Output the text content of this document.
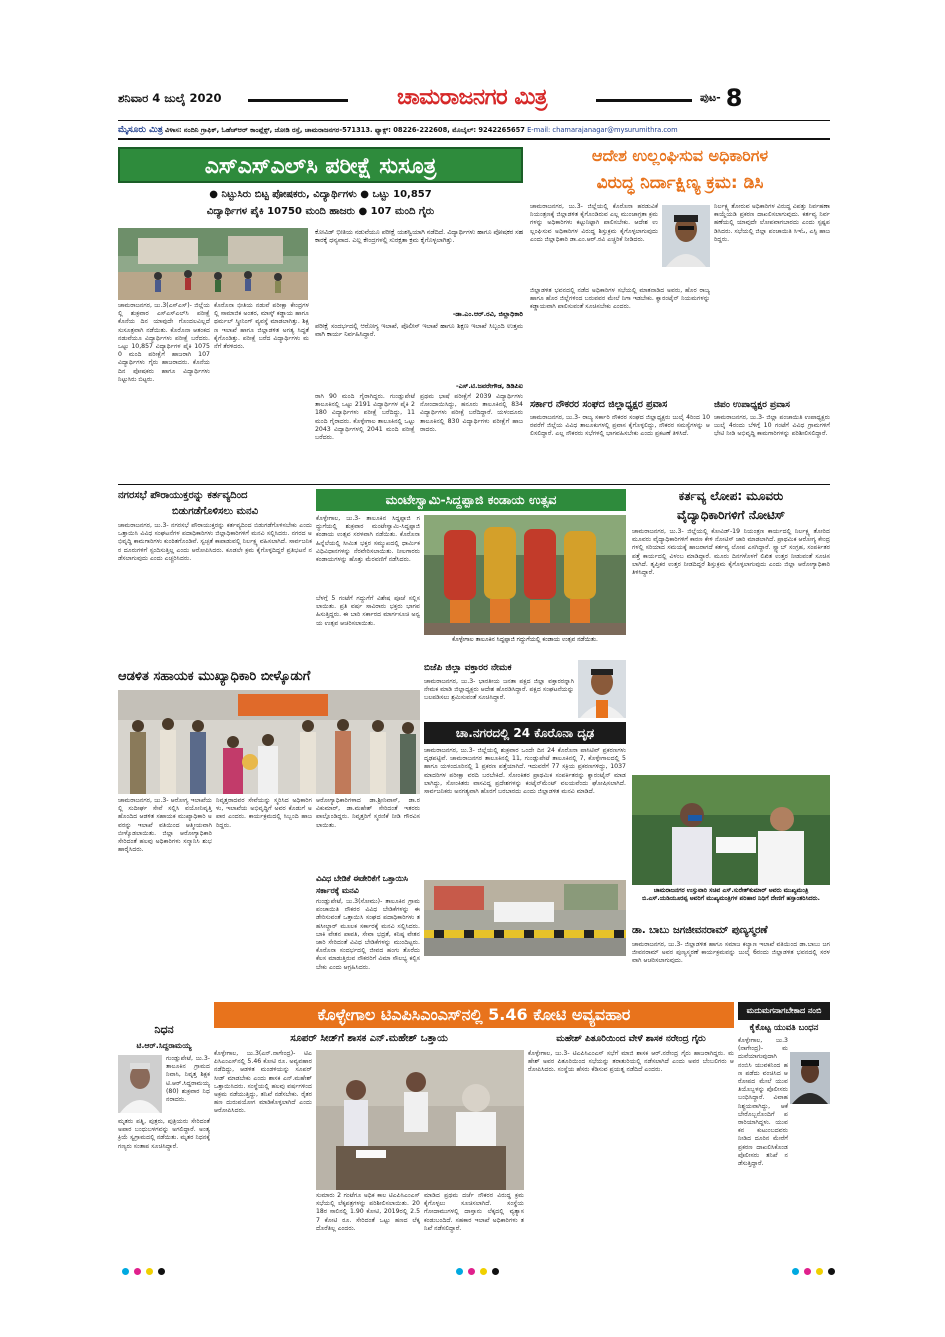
ಶನಿವಾರ 4 ಜುಲೈ 2020	ಚಾಮರಾಜನಗರ ಮಿತ್ರ	ಪುಟ- 8
ಮೈಸೂರು ಮಿತ್ರ ವಿಳಾಸ: ನಂದಿನಿ ಗ್ರಾಫಿಕ್, ಓಹೆಚ್‌ಆರ್ ಕಾಂಪ್ಲೆಕ್ಸ್, ಜೋಡಿ ರಸ್ತೆ, ಚಾಮರಾಜನಗರ-571313. ಫ್ಯಾಕ್ಸ್: 08226-222608, ಮೊಬೈಲ್: 9242265657 E-mail: chamarajanagar@mysurumithra.com
ಎಸ್‌ಎಸ್‌ಎಲ್‌ಸಿ ಪರೀಕ್ಷೆ ಸುಸೂತ್ರ
● ನಿಟ್ಟುಸಿರು ಬಿಟ್ಟ ಪೋಷಕರು, ವಿದ್ಯಾರ್ಥಿಗಳು ● ಒಟ್ಟು 10,857
ವಿದ್ಯಾರ್ಥಿಗಳ ಪೈಕಿ 10750 ಮಂದಿ ಹಾಜರು ● 107 ಮಂದಿ ಗೈರು
ಚಾಮರಾಜನಗರ, ಜು.3(ಎಸ್‌ಎಸ್)- ಜಿಲ್ಲೆಯಲ್ಲಿ ಶುಕ್ರವಾರ ಎಸ್‌ಎಸ್‌ಎಲ್‌ಸಿ ಪರೀಕ್ಷೆ ಕೊನೆಯ ದಿನ ಯಾವುದೇ ಗೊಂದಲವಿಲ್ಲದೆ ಸುಸೂತ್ರವಾಗಿ ನಡೆಯಿತು. ಕೊರೊನಾ ಆತಂಕದ ನಡುವೆಯೂ ವಿದ್ಯಾರ್ಥಿಗಳು ಪರೀಕ್ಷೆ ಬರೆದರು. ಒಟ್ಟು 10,857 ವಿದ್ಯಾರ್ಥಿಗಳ ಪೈಕಿ 10750 ಮಂದಿ ಪರೀಕ್ಷೆಗೆ ಹಾಜರಾಗಿ 107 ವಿದ್ಯಾರ್ಥಿಗಳು ಗೈರು ಹಾಜರಾದರು. ಕೊನೆಯ ದಿನ ಪೋಷಕರು ಹಾಗೂ ವಿದ್ಯಾರ್ಥಿಗಳು ನಿಟ್ಟುಸಿರು ಬಿಟ್ಟರು.
ಕೊರೊನಾ ಭೀತಿಯ ನಡುವೆ ಪರೀಕ್ಷಾ ಕೇಂದ್ರಗಳಲ್ಲಿ ಸಾಮಾಜಿಕ ಅಂತರ, ಮಾಸ್ಕ್ ಕಡ್ಡಾಯ ಹಾಗೂ ಥರ್ಮಲ್ ಸ್ಕ್ರೀನಿಂಗ್ ವ್ಯವಸ್ಥೆ ಮಾಡಲಾಗಿತ್ತು. ಶಿಕ್ಷಣ ಇಲಾಖೆ ಹಾಗೂ ಜಿಲ್ಲಾಡಳಿತ ಅಗತ್ಯ ಸಿದ್ಧತೆ ಕೈಗೊಂಡಿತ್ತು. ಪರೀಕ್ಷೆ ಬರೆದ ವಿದ್ಯಾರ್ಥಿಗಳು ಮನೆಗೆ ತೆರಳಿದರು.
ಕೋವಿಡ್ ಭೀತಿಯ ನಡುವೆಯೂ ಪರೀಕ್ಷೆ ಯಶಸ್ವಿಯಾಗಿ ನಡೆದಿದೆ. ವಿದ್ಯಾರ್ಥಿಗಳು ಹಾಗೂ ಪೋಷಕರ ಸಹಕಾರಕ್ಕೆ ಧನ್ಯವಾದ. ಎಲ್ಲ ಕೇಂದ್ರಗಳಲ್ಲಿ ಸುರಕ್ಷತಾ ಕ್ರಮ ಕೈಗೊಳ್ಳಲಾಗಿತ್ತು.
-ಡಾ.ಎಂ.ಆರ್.ರವಿ, ಜಿಲ್ಲಾಧಿಕಾರಿ
ಪರೀಕ್ಷೆ ಸಂದರ್ಭದಲ್ಲಿ ಆರೋಗ್ಯ ಇಲಾಖೆ, ಪೊಲೀಸ್ ಇಲಾಖೆ ಹಾಗೂ ಶಿಕ್ಷಣ ಇಲಾಖೆ ಸಿಬ್ಬಂದಿ ಉತ್ತಮವಾಗಿ ಕಾರ್ಯ ನಿರ್ವಹಿಸಿದ್ದಾರೆ.
-ಎಸ್.ಟಿ.ಜವರೇಗೌಡ, ಡಿಡಿಪಿಐ
ರಾಗಿ 90 ಮಂದಿ ಗೈರಾಗಿದ್ದರು. ಗುಂಡ್ಲುಪೇಟೆ ತಾಲೂಕಿನಲ್ಲಿ ಒಟ್ಟು 2191 ವಿದ್ಯಾರ್ಥಿಗಳ ಪೈಕಿ 2180 ವಿದ್ಯಾರ್ಥಿಗಳು ಪರೀಕ್ಷೆ ಬರೆದಿದ್ದು, 11 ಮಂದಿ ಗೈರಾದರು. ಕೊಳ್ಳೇಗಾಲ ತಾಲೂಕಿನಲ್ಲಿ ಒಟ್ಟು 2043 ವಿದ್ಯಾರ್ಥಿಗಳಲ್ಲಿ 2041 ಮಂದಿ ಪರೀಕ್ಷೆ ಬರೆದರು.
ಪ್ರಥಮ ಭಾಷೆ ಪರೀಕ್ಷೆಗೆ 2039 ವಿದ್ಯಾರ್ಥಿಗಳು ನೋಂದಾಯಿಸಿದ್ದು, ಹನೂರು ತಾಲೂಕಿನಲ್ಲಿ 834 ವಿದ್ಯಾರ್ಥಿಗಳು ಪರೀಕ್ಷೆ ಬರೆದಿದ್ದಾರೆ. ಯಳಂದೂರು ತಾಲೂಕಿನಲ್ಲಿ 830 ವಿದ್ಯಾರ್ಥಿಗಳು ಪರೀಕ್ಷೆಗೆ ಹಾಜರಾದರು.
ಆದೇಶ ಉಲ್ಲಂಘಿಸುವ ಅಧಿಕಾರಿಗಳ
ವಿರುದ್ಧ ನಿರ್ದಾಕ್ಷಿಣ್ಯ ಕ್ರಮ: ಡಿಸಿ
ಚಾಮರಾಜನಗರ, ಜು.3- ಜಿಲ್ಲೆಯಲ್ಲಿ ಕೊರೊನಾ ಹರಡುವಿಕೆ ನಿಯಂತ್ರಣಕ್ಕೆ ಜಿಲ್ಲಾಡಳಿತ ಕೈಗೊಂಡಿರುವ ಎಲ್ಲ ಮುಂಜಾಗ್ರತಾ ಕ್ರಮಗಳನ್ನು ಅಧಿಕಾರಿಗಳು ಕಟ್ಟುನಿಟ್ಟಾಗಿ ಪಾಲಿಸಬೇಕು. ಆದೇಶ ಉಲ್ಲಂಘಿಸುವ ಅಧಿಕಾರಿಗಳ ವಿರುದ್ಧ ಶಿಸ್ತುಕ್ರಮ ಕೈಗೊಳ್ಳಲಾಗುವುದು ಎಂದು ಜಿಲ್ಲಾಧಿಕಾರಿ ಡಾ.ಎಂ.ಆರ್.ರವಿ ಎಚ್ಚರಿಕೆ ನೀಡಿದರು.
ಜಿಲ್ಲಾಡಳಿತ ಭವನದಲ್ಲಿ ನಡೆದ ಅಧಿಕಾರಿಗಳ ಸಭೆಯಲ್ಲಿ ಮಾತನಾಡಿದ ಅವರು, ಹೊರ ರಾಜ್ಯ ಹಾಗೂ ಹೊರ ಜಿಲ್ಲೆಗಳಿಂದ ಬರುವವರ ಮೇಲೆ ನಿಗಾ ಇಡಬೇಕು. ಕ್ವಾರಂಟೈನ್ ನಿಯಮಗಳನ್ನು ಕಡ್ಡಾಯವಾಗಿ ಪಾಲಿಸುವಂತೆ ಸೂಚಿಸಬೇಕು ಎಂದರು.
ನಿರ್ಲಕ್ಷ್ಯ ತೋರುವ ಅಧಿಕಾರಿಗಳ ವಿರುದ್ಧ ವಿಪತ್ತು ನಿರ್ವಹಣಾ ಕಾಯ್ದೆಯಡಿ ಪ್ರಕರಣ ದಾಖಲಿಸಲಾಗುವುದು. ಕರ್ತವ್ಯ ನಿರ್ವಹಣೆಯಲ್ಲಿ ಯಾವುದೇ ಲೋಪವಾಗಬಾರದು ಎಂದು ಸ್ಪಷ್ಟಪಡಿಸಿದರು. ಸಭೆಯಲ್ಲಿ ಜಿಲ್ಲಾ ಪಂಚಾಯಿತಿ ಸಿಇಓ, ಎಸ್ಪಿ ಹಾಜರಿದ್ದರು.
ಸರ್ಕಾರ ನೌಕರರ ಸಂಘದ ಜಿಲ್ಲಾಧ್ಯಕ್ಷರ ಪ್ರವಾಸ
ಚಾಮರಾಜನಗರ, ಜು.3- ರಾಜ್ಯ ಸರ್ಕಾರಿ ನೌಕರರ ಸಂಘದ ಜಿಲ್ಲಾಧ್ಯಕ್ಷರು ಜುಲೈ 4ರಿಂದ 10ರವರೆಗೆ ಜಿಲ್ಲೆಯ ವಿವಿಧ ತಾಲೂಕುಗಳಲ್ಲಿ ಪ್ರವಾಸ ಕೈಗೊಳ್ಳಲಿದ್ದು, ನೌಕರರ ಸಮಸ್ಯೆಗಳನ್ನು ಆಲಿಸಲಿದ್ದಾರೆ. ಎಲ್ಲ ನೌಕರರು ಸಭೆಗಳಲ್ಲಿ ಭಾಗವಹಿಸಬೇಕು ಎಂದು ಪ್ರಕಟಣೆ ತಿಳಿಸಿದೆ.
ಜಿಪಂ ಉಪಾಧ್ಯಕ್ಷರ ಪ್ರವಾಸ
ಚಾಮರಾಜನಗರ, ಜು.3- ಜಿಲ್ಲಾ ಪಂಚಾಯಿತಿ ಉಪಾಧ್ಯಕ್ಷರು ಜುಲೈ 4ರಂದು ಬೆಳಿಗ್ಗೆ 10 ಗಂಟೆಗೆ ವಿವಿಧ ಗ್ರಾಮಗಳಿಗೆ ಭೇಟಿ ನೀಡಿ ಅಭಿವೃದ್ಧಿ ಕಾಮಗಾರಿಗಳನ್ನು ಪರಿಶೀಲಿಸಲಿದ್ದಾರೆ.
ನಗರಸಭೆ ಪೌರಾಯುಕ್ತರನ್ನು ಕರ್ತವ್ಯದಿಂದ
ಬಿಡುಗಡೆಗೊಳಿಸಲು ಮನವಿ
ಚಾಮರಾಜನಗರ, ಜು.3- ನಗರಸಭೆ ಪೌರಾಯುಕ್ತರನ್ನು ಕರ್ತವ್ಯದಿಂದ ಬಿಡುಗಡೆಗೊಳಿಸಬೇಕು ಎಂದು ಒತ್ತಾಯಿಸಿ ವಿವಿಧ ಸಂಘಟನೆಗಳ ಪದಾಧಿಕಾರಿಗಳು ಜಿಲ್ಲಾಧಿಕಾರಿಗಳಿಗೆ ಮನವಿ ಸಲ್ಲಿಸಿದರು. ನಗರದ ಅಭಿವೃದ್ಧಿ ಕಾಮಗಾರಿಗಳು ಕುಂಠಿತಗೊಂಡಿವೆ. ಸ್ವಚ್ಛತೆ ಕಾಪಾಡುವಲ್ಲಿ ನಿರ್ಲಕ್ಷ್ಯ ವಹಿಸಲಾಗಿದೆ. ಸಾರ್ವಜನಿಕರ ದೂರುಗಳಿಗೆ ಸ್ಪಂದಿಸುತ್ತಿಲ್ಲ ಎಂದು ಆರೋಪಿಸಿದರು. ಕೂಡಲೇ ಕ್ರಮ ಕೈಗೊಳ್ಳದಿದ್ದರೆ ಪ್ರತಿಭಟನೆ ನಡೆಸಲಾಗುವುದು ಎಂದು ಎಚ್ಚರಿಸಿದರು.
ಮಂಟೇಸ್ವಾಮಿ-ಸಿದ್ದಪ್ಪಾಜಿ ಕಂಡಾಯ ಉತ್ಸವ
ಕೊಳ್ಳೇಗಾಲ, ಜು.3- ತಾಲೂಕಿನ ಸಿದ್ದಪ್ಪಾಜಿ ಗದ್ದುಗೆಯಲ್ಲಿ ಶುಕ್ರವಾರ ಮಂಟೇಸ್ವಾಮಿ-ಸಿದ್ದಪ್ಪಾಜಿ ಕಂಡಾಯ ಉತ್ಸವ ಸರಳವಾಗಿ ನಡೆಯಿತು. ಕೊರೊನಾ ಹಿನ್ನೆಲೆಯಲ್ಲಿ ಸೀಮಿತ ಭಕ್ತರ ಸಮ್ಮುಖದಲ್ಲಿ ಧಾರ್ಮಿಕ ವಿಧಿವಿಧಾನಗಳನ್ನು ನೆರವೇರಿಸಲಾಯಿತು. ನೀಲಗಾರರು ಕಂಡಾಯಗಳನ್ನು ಹೊತ್ತು ಮೆರವಣಿಗೆ ನಡೆಸಿದರು.
ಕೊಳ್ಳೇಗಾಲ ತಾಲೂಕಿನ ಸಿದ್ದಪ್ಪಾಜಿ ಗದ್ದುಗೆಯಲ್ಲಿ ಕಂಡಾಯ ಉತ್ಸವ ನಡೆಯಿತು.
ಬೆಳಗ್ಗೆ 5 ಗಂಟೆಗೆ ಗದ್ದುಗೆಗೆ ವಿಶೇಷ ಪೂಜೆ ಸಲ್ಲಿಸಲಾಯಿತು. ಪ್ರತಿ ವರ್ಷ ಸಾವಿರಾರು ಭಕ್ತರು ಭಾಗವಹಿಸುತ್ತಿದ್ದರು. ಈ ಬಾರಿ ಸರ್ಕಾರದ ಮಾರ್ಗಸೂಚಿ ಅನ್ವಯ ಉತ್ಸವ ಆಚರಿಸಲಾಯಿತು.
ಕರ್ತವ್ಯ ಲೋಪ: ಮೂವರು
ವೈದ್ಯಾಧಿಕಾರಿಗಳಿಗೆ ನೋಟಿಸ್
ಚಾಮರಾಜನಗರ, ಜು.3- ಜಿಲ್ಲೆಯಲ್ಲಿ ಕೋವಿಡ್-19 ನಿಯಂತ್ರಣ ಕಾರ್ಯದಲ್ಲಿ ನಿರ್ಲಕ್ಷ್ಯ ತೋರಿದ ಮೂವರು ವೈದ್ಯಾಧಿಕಾರಿಗಳಿಗೆ ಕಾರಣ ಕೇಳಿ ನೋಟಿಸ್ ಜಾರಿ ಮಾಡಲಾಗಿದೆ. ಪ್ರಾಥಮಿಕ ಆರೋಗ್ಯ ಕೇಂದ್ರಗಳಲ್ಲಿ ಸರಿಯಾದ ಸಮಯಕ್ಕೆ ಹಾಜರಾಗದೆ ಕರ್ತವ್ಯ ಲೋಪ ಎಸಗಿದ್ದಾರೆ. ಸ್ವ್ಯಾಬ್ ಸಂಗ್ರಹ, ಸಂಪರ್ಕಿತರ ಪತ್ತೆ ಕಾರ್ಯದಲ್ಲಿ ವಿಳಂಬ ಮಾಡಿದ್ದಾರೆ. ಮೂರು ದಿನಗಳೊಳಗೆ ಲಿಖಿತ ಉತ್ತರ ನೀಡುವಂತೆ ಸೂಚಿಸಲಾಗಿದೆ. ತೃಪ್ತಿಕರ ಉತ್ತರ ನೀಡದಿದ್ದರೆ ಶಿಸ್ತುಕ್ರಮ ಕೈಗೊಳ್ಳಲಾಗುವುದು ಎಂದು ಜಿಲ್ಲಾ ಆರೋಗ್ಯಾಧಿಕಾರಿ ತಿಳಿಸಿದ್ದಾರೆ.
ಆಡಳಿತ ಸಹಾಯಕ ಮುಖ್ಯಾಧಿಕಾರಿ ಬೀಳ್ಕೊಡುಗೆ
ಚಾಮರಾಜನಗರ, ಜು.3- ಆರೋಗ್ಯ ಇಲಾಖೆಯಲ್ಲಿ ಸುದೀರ್ಘ ಸೇವೆ ಸಲ್ಲಿಸಿ ವಯೋನಿವೃತ್ತಿ ಹೊಂದಿದ ಆಡಳಿತ ಸಹಾಯಕ ಮುಖ್ಯಾಧಿಕಾರಿ ಅವರನ್ನು ಇಲಾಖೆ ವತಿಯಿಂದ ಆತ್ಮೀಯವಾಗಿ ಬೀಳ್ಕೊಡಲಾಯಿತು. ಜಿಲ್ಲಾ ಆರೋಗ್ಯಾಧಿಕಾರಿ ಸೇರಿದಂತೆ ಹಲವು ಅಧಿಕಾರಿಗಳು ಸನ್ಮಾನಿಸಿ ಶುಭ ಹಾರೈಸಿದರು.
ನಿವೃತ್ತರಾದವರ ಸೇವೆಯನ್ನು ಸ್ಮರಿಸಿದ ಅಧಿಕಾರಿಗಳು, ಇಲಾಖೆಯ ಅಭಿವೃದ್ಧಿಗೆ ಅವರ ಕೊಡುಗೆ ಅಪಾರ ಎಂದರು. ಕಾರ್ಯಕ್ರಮದಲ್ಲಿ ಸಿಬ್ಬಂದಿ ಹಾಜರಿದ್ದರು.
ಆರೋಗ್ಯಾಧಿಕಾರಿಗಳಾದ ಡಾ.ಶ್ರೀನಿವಾಸ್, ಡಾ.ರವಿಕುಮಾರ್, ಡಾ.ಮಹೇಶ್ ಸೇರಿದಂತೆ ಇತರರು ಪಾಲ್ಗೊಂಡಿದ್ದರು. ನಿವೃತ್ತರಿಗೆ ಸ್ಮರಣಿಕೆ ನೀಡಿ ಗೌರವಿಸಲಾಯಿತು.
ಬಿಜೆಪಿ ಜಿಲ್ಲಾ ವಕ್ತಾರರ ನೇಮಕ
ಚಾಮರಾಜನಗರ, ಜು.3- ಭಾರತೀಯ ಜನತಾ ಪಕ್ಷದ ಜಿಲ್ಲಾ ವಕ್ತಾರರನ್ನಾಗಿ ನೇಮಕ ಮಾಡಿ ಜಿಲ್ಲಾಧ್ಯಕ್ಷರು ಆದೇಶ ಹೊರಡಿಸಿದ್ದಾರೆ. ಪಕ್ಷದ ಸಂಘಟನೆಯನ್ನು ಬಲಪಡಿಸಲು ಶ್ರಮಿಸುವಂತೆ ಸೂಚಿಸಿದ್ದಾರೆ.
ಚಾ.ನಗರದಲ್ಲಿ 24 ಕೊರೊನಾ ದೃಢ
ಚಾಮರಾಜನಗರ, ಜು.3- ಜಿಲ್ಲೆಯಲ್ಲಿ ಶುಕ್ರವಾರ ಒಂದೇ ದಿನ 24 ಕೊರೊನಾ ಪಾಸಿಟಿವ್ ಪ್ರಕರಣಗಳು ದೃಢಪಟ್ಟಿವೆ. ಚಾಮರಾಜನಗರ ತಾಲೂಕಿನಲ್ಲಿ 11, ಗುಂಡ್ಲುಪೇಟೆ ತಾಲೂಕಿನಲ್ಲಿ 7, ಕೊಳ್ಳೇಗಾಲದಲ್ಲಿ 5 ಹಾಗೂ ಯಳಂದೂರಿನಲ್ಲಿ 1 ಪ್ರಕರಣ ಪತ್ತೆಯಾಗಿದೆ. ಇದುವರೆಗೆ 77 ಸಕ್ರಿಯ ಪ್ರಕರಣಗಳಿದ್ದು, 1037 ಮಾದರಿಗಳ ಪರೀಕ್ಷಾ ವರದಿ ಬರಬೇಕಿದೆ. ಸೋಂಕಿತರ ಪ್ರಾಥಮಿಕ ಸಂಪರ್ಕಿತರನ್ನು ಕ್ವಾರಂಟೈನ್ ಮಾಡಲಾಗಿದ್ದು, ಸೋಂಕಿತರು ವಾಸವಿದ್ದ ಪ್ರದೇಶಗಳನ್ನು ಕಂಟೈನ್‌ಮೆಂಟ್ ವಲಯವೆಂದು ಘೋಷಿಸಲಾಗಿದೆ. ಸಾರ್ವಜನಿಕರು ಅನಗತ್ಯವಾಗಿ ಹೊರಗೆ ಬರಬಾರದು ಎಂದು ಜಿಲ್ಲಾಡಳಿತ ಮನವಿ ಮಾಡಿದೆ.
ವಿವಿಧ ಬೇಡಿಕೆ ಈಡೇರಿಕೆಗೆ ಒತ್ತಾಯಿಸಿ ಸರ್ಕಾರಕ್ಕೆ ಮನವಿ
ಗುಂಡ್ಲುಪೇಟೆ, ಜು.3(ಸೋಮು)- ತಾಲೂಕಿನ ಗ್ರಾಮ ಪಂಚಾಯಿತಿ ನೌಕರರ ವಿವಿಧ ಬೇಡಿಕೆಗಳನ್ನು ಈಡೇರಿಸುವಂತೆ ಒತ್ತಾಯಿಸಿ ಸಂಘದ ಪದಾಧಿಕಾರಿಗಳು ತಹಸೀಲ್ದಾರ್ ಮೂಲಕ ಸರ್ಕಾರಕ್ಕೆ ಮನವಿ ಸಲ್ಲಿಸಿದರು. ಬಾಕಿ ವೇತನ ಪಾವತಿ, ಸೇವಾ ಭದ್ರತೆ, ಕನಿಷ್ಠ ವೇತನ ಜಾರಿ ಸೇರಿದಂತೆ ವಿವಿಧ ಬೇಡಿಕೆಗಳನ್ನು ಮುಂದಿಟ್ಟರು. ಕೊರೊನಾ ಸಂದರ್ಭದಲ್ಲಿ ಜೀವದ ಹಂಗು ತೊರೆದು ಕೆಲಸ ಮಾಡುತ್ತಿರುವ ನೌಕರರಿಗೆ ವಿಮಾ ಸೌಲಭ್ಯ ಕಲ್ಪಿಸಬೇಕು ಎಂದು ಆಗ್ರಹಿಸಿದರು.
ಚಾಮರಾಜನಗರ ಉಸ್ತುವಾರಿ ಸಚಿವ ಎಸ್.ಸುರೇಶ್‌ಕುಮಾರ್ ಅವರು ಮುಖ್ಯಮಂತ್ರಿ ಬಿ.ಎಸ್.ಯಡಿಯೂರಪ್ಪ ಅವರಿಗೆ ಮುಖ್ಯಮಂತ್ರಿಗಳ ಪರಿಹಾರ ನಿಧಿಗೆ ದೇಣಿಗೆ ಹಸ್ತಾಂತರಿಸಿದರು.
ಡಾ. ಬಾಬು ಜಗಜೀವನರಾಮ್ ಪುಣ್ಯಸ್ಮರಣೆ
ಚಾಮರಾಜನಗರ, ಜು.3- ಜಿಲ್ಲಾಡಳಿತ ಹಾಗೂ ಸಮಾಜ ಕಲ್ಯಾಣ ಇಲಾಖೆ ವತಿಯಿಂದ ಡಾ.ಬಾಬು ಜಗಜೀವನರಾಮ್ ಅವರ ಪುಣ್ಯಸ್ಮರಣೆ ಕಾರ್ಯಕ್ರಮವನ್ನು ಜುಲೈ 6ರಂದು ಜಿಲ್ಲಾಡಳಿತ ಭವನದಲ್ಲಿ ಸರಳವಾಗಿ ಆಚರಿಸಲಾಗುವುದು.
ಕೊಳ್ಳೇಗಾಲ ಟಿಎಪಿಸಿಎಂಎಸ್‌ನಲ್ಲಿ 5.46 ಕೋಟಿ ಅವ್ಯವಹಾರ
ಸೂಪರ್ ಸೀಡ್‌ಗೆ ಶಾಸಕ ಎನ್.ಮಹೇಶ್ ಒತ್ತಾಯ	ಮಹೇಶ್ ಪಿತೂರಿಯಿಂದ ವೇಳೆ ಶಾಸಕ ನರೇಂದ್ರ ಗೈರು
ಕೊಳ್ಳೇಗಾಲ, ಜು.3(ಎನ್.ನಾಗೇಂದ್ರ)- ಟಿಎಪಿಸಿಎಂಎಸ್‌ನಲ್ಲಿ 5.46 ಕೋಟಿ ರೂ. ಅವ್ಯವಹಾರ ನಡೆದಿದ್ದು, ಆಡಳಿತ ಮಂಡಳಿಯನ್ನು ಸೂಪರ್ ಸೀಡ್ ಮಾಡಬೇಕು ಎಂದು ಶಾಸಕ ಎನ್.ಮಹೇಶ್ ಒತ್ತಾಯಿಸಿದರು. ಸಂಸ್ಥೆಯಲ್ಲಿ ಹಲವು ವರ್ಷಗಳಿಂದ ಅಕ್ರಮ ನಡೆಯುತ್ತಿದ್ದು, ತನಿಖೆ ನಡೆಸಬೇಕು. ರೈತರ ಹಣ ದುರುಪಯೋಗ ಮಾಡಿಕೊಳ್ಳಲಾಗಿದೆ ಎಂದು ಆರೋಪಿಸಿದರು.
ಸುಮಾರು 2 ಗಂಟೆಗೂ ಅಧಿಕ ಕಾಲ ಟಿಎಪಿಸಿಎಂಎಸ್ ಸಭೆಯಲ್ಲಿ ಲೆಕ್ಕಪತ್ರಗಳನ್ನು ಪರಿಶೀಲಿಸಲಾಯಿತು. 2018ರ ಸಾಲಿನಲ್ಲಿ 1.90 ಕೋಟಿ, 2019ರಲ್ಲಿ 2.57 ಕೋಟಿ ರೂ. ಸೇರಿದಂತೆ ಒಟ್ಟು ಹಣದ ಲೆಕ್ಕ ದೊರೆತಿಲ್ಲ ಎಂದರು.
ಮಾಡಿದ ಪ್ರಥಮ ದರ್ಜೆ ನೌಕರರ ವಿರುದ್ಧ ಕ್ರಮ ಕೈಗೊಳ್ಳಲು ಸೂಚಿಸಲಾಗಿದೆ. ಸಂಸ್ಥೆಯ ಗೋದಾಮುಗಳಲ್ಲಿ ದಾಸ್ತಾನು ಲೆಕ್ಕದಲ್ಲಿ ವ್ಯತ್ಯಾಸ ಕಂಡುಬಂದಿದೆ. ಸಹಕಾರ ಇಲಾಖೆ ಅಧಿಕಾರಿಗಳು ತನಿಖೆ ನಡೆಸಲಿದ್ದಾರೆ.
ಕೊಳ್ಳೇಗಾಲ, ಜು.3- ಟಿಎಪಿಸಿಎಂಎಸ್ ಸಭೆಗೆ ಮಾಜಿ ಶಾಸಕ ಆರ್.ನರೇಂದ್ರ ಗೈರು ಹಾಜರಾಗಿದ್ದರು. ಮಹೇಶ್ ಅವರ ಪಿತೂರಿಯಿಂದ ಸಭೆಯನ್ನು ತರಾತುರಿಯಲ್ಲಿ ನಡೆಸಲಾಗಿದೆ ಎಂದು ಅವರ ಬೆಂಬಲಿಗರು ಆರೋಪಿಸಿದರು. ಸಂಸ್ಥೆಯ ಹೆಸರು ಕೆಡಿಸುವ ಪ್ರಯತ್ನ ನಡೆದಿದೆ ಎಂದರು.
ಮದುಮಗನಾಗಬೇಕಾದ ನಂಬಿ
ಕೈಕೊಟ್ಟ ಯುವತಿ ಬಂಧನ
ಕೊಳ್ಳೇಗಾಲ, ಜು.3(ನಾಗೇಂದ್ರ)- ಮದುವೆಯಾಗುವುದಾಗಿ ನಂಬಿಸಿ ಯುವಕನಿಂದ ಹಣ ಪಡೆದು ವಂಚಿಸಿದ ಆರೋಪದ ಮೇಲೆ ಯುವತಿಯೊಬ್ಬಳನ್ನು ಪೊಲೀಸರು ಬಂಧಿಸಿದ್ದಾರೆ. ವಿವಾಹ ನಿಶ್ಚಯವಾಗಿದ್ದು, ಆಕೆ ಬೇರೊಬ್ಬನೊಂದಿಗೆ ಪರಾರಿಯಾಗಿದ್ದಳು. ಯುವಕನ ಕುಟುಂಬದವರು ನೀಡಿದ ದೂರಿನ ಮೇರೆಗೆ ಪ್ರಕರಣ ದಾಖಲಿಸಿಕೊಂಡ ಪೊಲೀಸರು ತನಿಖೆ ನಡೆಸುತ್ತಿದ್ದಾರೆ.
ನಿಧನ
ಟಿ.ಆರ್.ಸಿದ್ದರಾಮಯ್ಯ
ಗುಂಡ್ಲುಪೇಟೆ, ಜು.3- ತಾಲೂಕಿನ ಗ್ರಾಮದ ನಿವಾಸಿ, ನಿವೃತ್ತ ಶಿಕ್ಷಕ ಟಿ.ಆರ್.ಸಿದ್ದರಾಮಯ್ಯ (80) ಶುಕ್ರವಾರ ನಿಧನರಾದರು.
ಮೃತರು ಪತ್ನಿ, ಪುತ್ರರು, ಪುತ್ರಿಯರು ಸೇರಿದಂತೆ ಅಪಾರ ಬಂಧುಬಳಗವನ್ನು ಅಗಲಿದ್ದಾರೆ. ಅಂತ್ಯಕ್ರಿಯೆ ಸ್ವಗ್ರಾಮದಲ್ಲಿ ನಡೆಯಿತು. ಮೃತರ ನಿಧನಕ್ಕೆ ಗಣ್ಯರು ಸಂತಾಪ ಸೂಚಿಸಿದ್ದಾರೆ.
